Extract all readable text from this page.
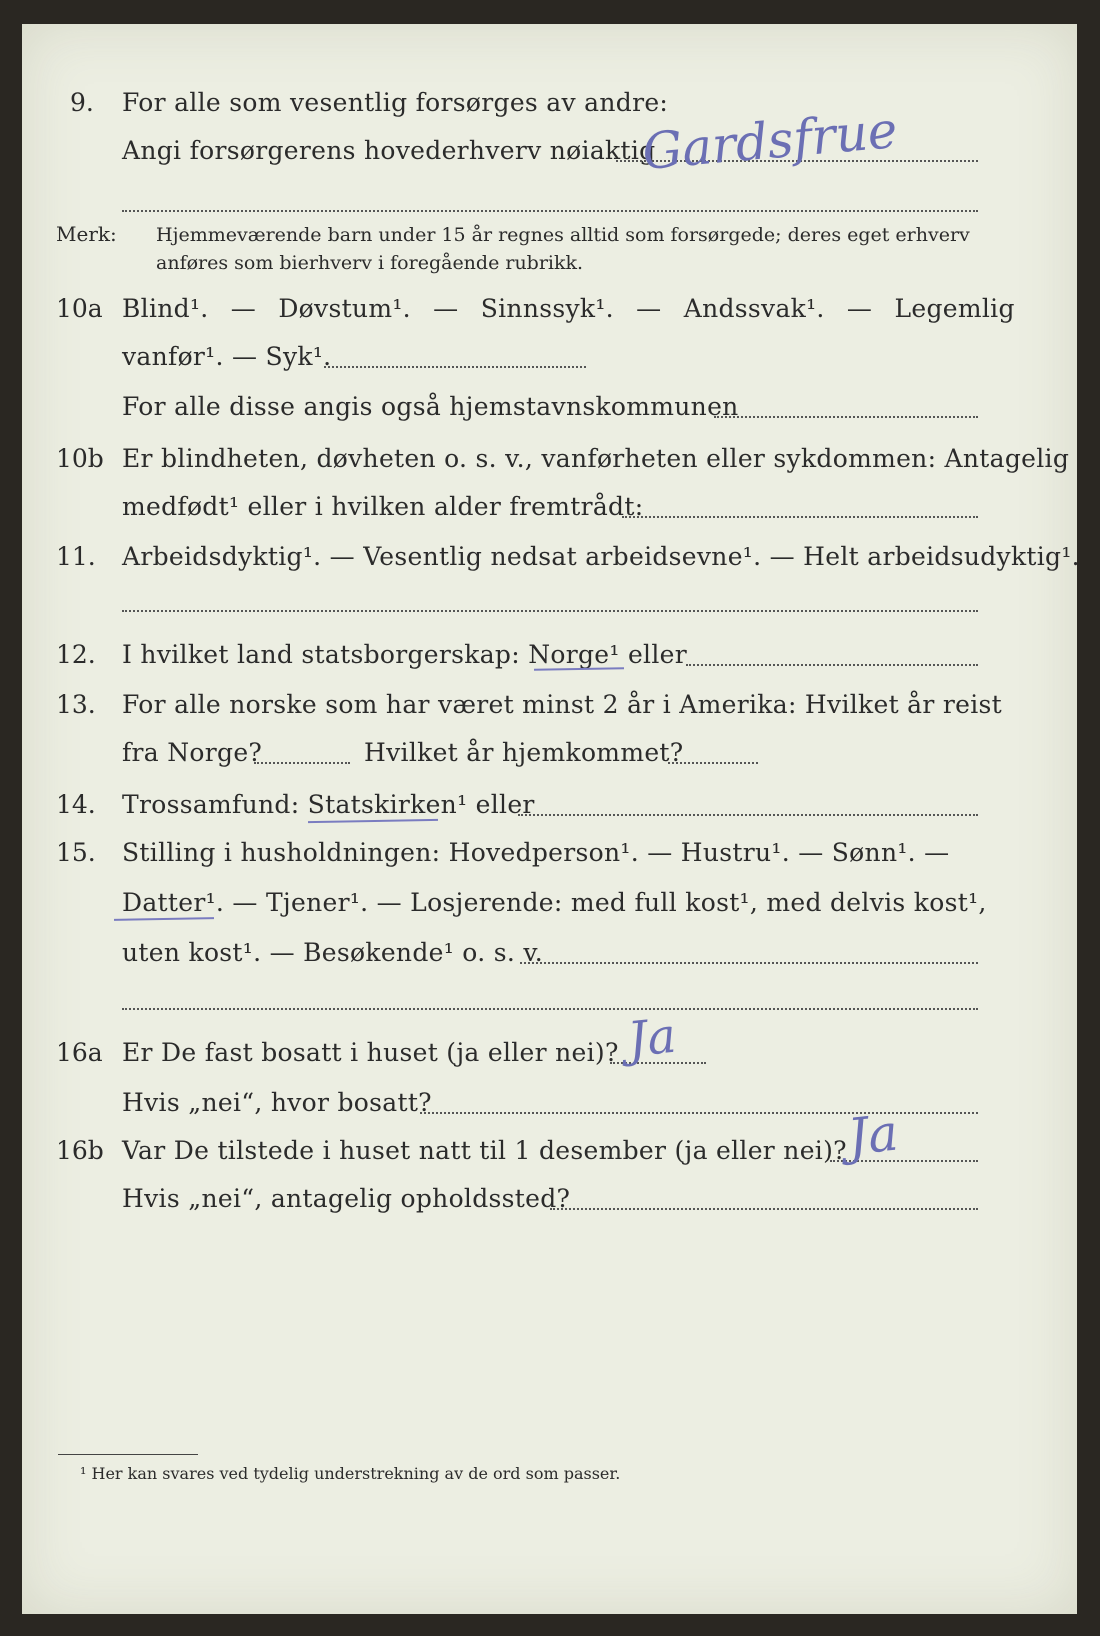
9. For alle som vesentlig forsørges av andre:
Angi forsørgerens hovederhverv nøiaktig
Gardsfrue
Merk: Hjemmeværende barn under 15 år regnes alltid som forsørgede; deres eget erhverv
anføres som bierhverv i foregående rubrikk.
10a Blind¹. — Døvstum¹. — Sinnssyk¹. — Andssvak¹. — Legemlig
vanfør¹. — Syk¹.
For alle disse angis også hjemstavnskommunen
10b Er blindheten, døvheten o. s. v., vanførheten eller sykdommen: Antagelig
medfødt¹ eller i hvilken alder fremtrådt:
11. Arbeidsdyktig¹. — Vesentlig nedsat arbeidsevne¹. — Helt arbeidsudyktig¹.
12. I hvilket land statsborgerskap: Norge¹ eller
13. For alle norske som har været minst 2 år i Amerika: Hvilket år reist
fra Norge?	Hvilket år hjemkommet?
14. Trossamfund: Statskirken¹ eller
15. Stilling i husholdningen: Hovedperson¹. — Hustru¹. — Sønn¹. —
Datter¹. — Tjener¹. — Losjerende: med full kost¹, med delvis kost¹,
uten kost¹. — Besøkende¹ o. s. v.
16a Er De fast bosatt i huset (ja eller nei)? Ja
Hvis „nei“, hvor bosatt?
16b Var De tilstede i huset natt til 1 desember (ja eller nei)?
Ja
Hvis „nei“, antagelig opholdssted?
¹ Her kan svares ved tydelig understrekning av de ord som passer.
